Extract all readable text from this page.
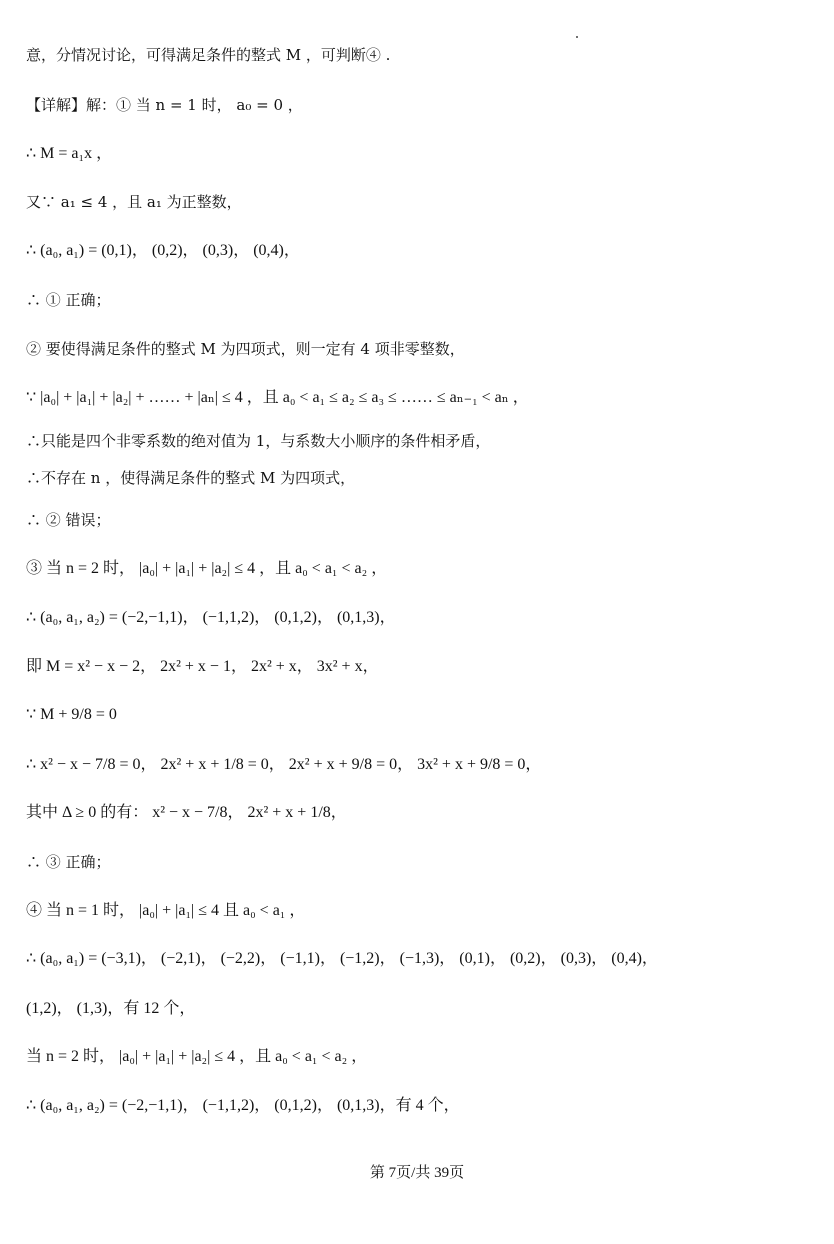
意，分情况讨论，可得满足条件的整式 M ，可判断④ .
【详解】解：① 当 n = 1 时， a₀ = 0 ，
∴ M = a₁x ，
又∵ a₁ ≤ 4 ，且 a₁ 为正整数，
∴ (a₀, a₁) = (0,1)， (0,2)， (0,3)， (0,4)，
∴ ① 正确；
② 要使得满足条件的整式 M 为四项式，则一定有 4 项非零整数，
∵ |a₀| + |a₁| + |a₂| + …… + |aₙ| ≤ 4 ，且 a₀ < a₁ ≤ a₂ ≤ a₃ ≤ …… ≤ aₙ₋₁ < aₙ ，
∴只能是四个非零系数的绝对值为 1，与系数大小顺序的条件相矛盾，
∴不存在 n ，使得满足条件的整式 M 为四项式，
∴ ② 错误；
③ 当 n = 2 时， |a₀| + |a₁| + |a₂| ≤ 4 ，且 a₀ < a₁ < a₂ ，
∴ (a₀, a₁, a₂) = (−2,−1,1)， (−1,1,2)， (0,1,2)， (0,1,3)，
即 M = x² − x − 2， 2x² + x − 1， 2x² + x， 3x² + x，
∵ M + 9/8 = 0
∴ x² − x − 7/8 = 0， 2x² + x + 1/8 = 0， 2x² + x + 9/8 = 0， 3x² + x + 9/8 = 0，
其中 Δ ≥ 0 的有： x² − x − 7/8， 2x² + x + 1/8，
∴ ③ 正确；
④ 当 n = 1 时， |a₀| + |a₁| ≤ 4 且 a₀ < a₁ ，
∴ (a₀, a₁) = (−3,1)， (−2,1)， (−2,2)， (−1,1)， (−1,2)， (−1,3)， (0,1)， (0,2)， (0,3)， (0,4)，
(1,2)， (1,3)，有 12 个，
当 n = 2 时， |a₀| + |a₁| + |a₂| ≤ 4 ，且 a₀ < a₁ < a₂ ，
∴ (a₀, a₁, a₂) = (−2,−1,1)， (−1,1,2)， (0,1,2)， (0,1,3)，有 4 个，
第 7页/共 39页
